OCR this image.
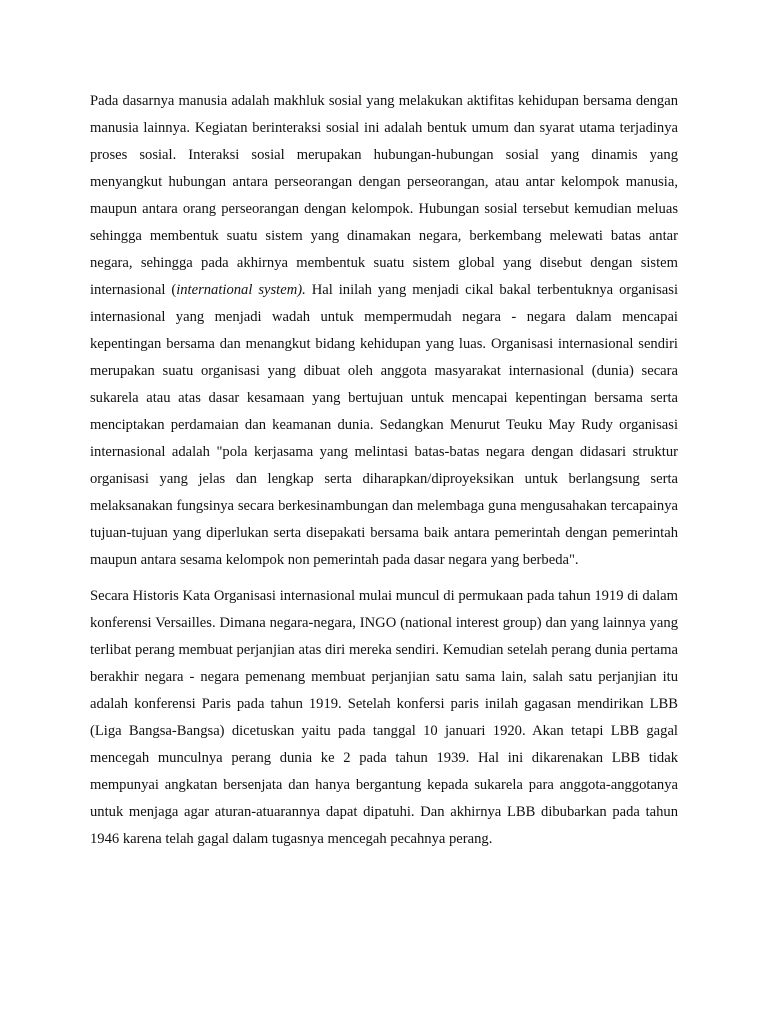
Pada dasarnya manusia adalah makhluk sosial yang melakukan aktifitas kehidupan bersama dengan manusia lainnya. Kegiatan berinteraksi sosial ini adalah bentuk umum dan syarat utama terjadinya proses sosial. Interaksi sosial merupakan hubungan-hubungan sosial yang dinamis yang menyangkut hubungan antara perseorangan dengan perseorangan, atau antar kelompok manusia, maupun antara orang perseorangan dengan kelompok. Hubungan sosial tersebut kemudian meluas sehingga membentuk suatu sistem yang dinamakan negara, berkembang melewati batas antar negara, sehingga pada akhirnya membentuk suatu sistem global yang disebut dengan sistem internasional (international system). Hal inilah yang menjadi cikal bakal terbentuknya organisasi internasional yang menjadi wadah untuk mempermudah negara - negara dalam mencapai kepentingan bersama dan menangkut bidang kehidupan yang luas. Organisasi internasional sendiri merupakan suatu organisasi yang dibuat oleh anggota masyarakat internasional (dunia) secara sukarela atau atas dasar kesamaan yang bertujuan untuk mencapai kepentingan bersama serta menciptakan perdamaian dan keamanan dunia. Sedangkan Menurut Teuku May Rudy organisasi internasional adalah "pola kerjasama yang melintasi batas-batas negara dengan didasari struktur organisasi yang jelas dan lengkap serta diharapkan/diproyeksikan untuk berlangsung serta melaksanakan fungsinya secara berkesinambungan dan melembaga guna mengusahakan tercapainya tujuan-tujuan yang diperlukan serta disepakati bersama baik antara pemerintah dengan pemerintah maupun antara sesama kelompok non pemerintah pada dasar negara yang berbeda".

Secara Historis Kata Organisasi internasional mulai muncul di permukaan pada tahun 1919 di dalam konferensi Versailles. Dimana negara-negara, INGO (national interest group) dan yang lainnya yang terlibat perang membuat perjanjian atas diri mereka sendiri. Kemudian setelah perang dunia pertama berakhir negara - negara pemenang membuat perjanjian satu sama lain, salah satu perjanjian itu adalah konferensi Paris pada tahun 1919. Setelah konfersi paris inilah gagasan mendirikan LBB (Liga Bangsa-Bangsa) dicetuskan yaitu pada tanggal 10 januari 1920. Akan tetapi LBB gagal mencegah munculnya perang dunia ke 2 pada tahun 1939. Hal ini dikarenakan LBB tidak mempunyai angkatan bersenjata dan hanya bergantung kepada sukarela para anggota-anggotanya untuk menjaga agar aturan-atuarannya dapat dipatuhi. Dan akhirnya LBB dibubarkan pada tahun 1946 karena telah gagal dalam tugasnya mencegah pecahnya perang.
